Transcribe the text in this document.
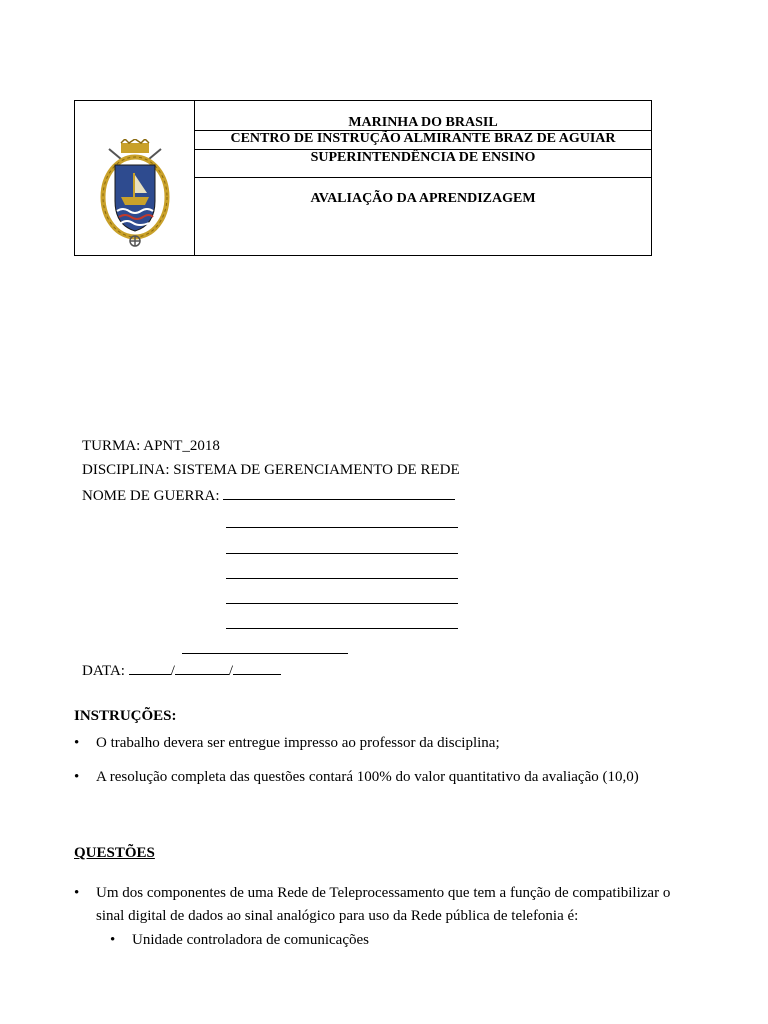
MARINHA DO BRASIL
CENTRO DE INSTRUÇÃO ALMIRANTE BRAZ DE AGUIAR
SUPERINTENDÊNCIA DE ENSINO
AVALIAÇÃO DA APRENDIZAGEM
TURMA: APNT_2018
DISCIPLINA: SISTEMA DE GERENCIAMENTO DE REDE
NOME DE GUERRA:
DATA:	/	/
INSTRUÇÕES:
• O trabalho devera ser entregue impresso ao professor da disciplina;
• A resolução completa das questões contará 100% do valor quantitativo da avaliação (10,0)
QUESTÕES
• Um dos componentes de uma Rede de Teleprocessamento que tem a função de compatibilizar o
sinal digital de dados ao sinal analógico para uso da Rede pública de telefonia é:
• Unidade controladora de comunicações
